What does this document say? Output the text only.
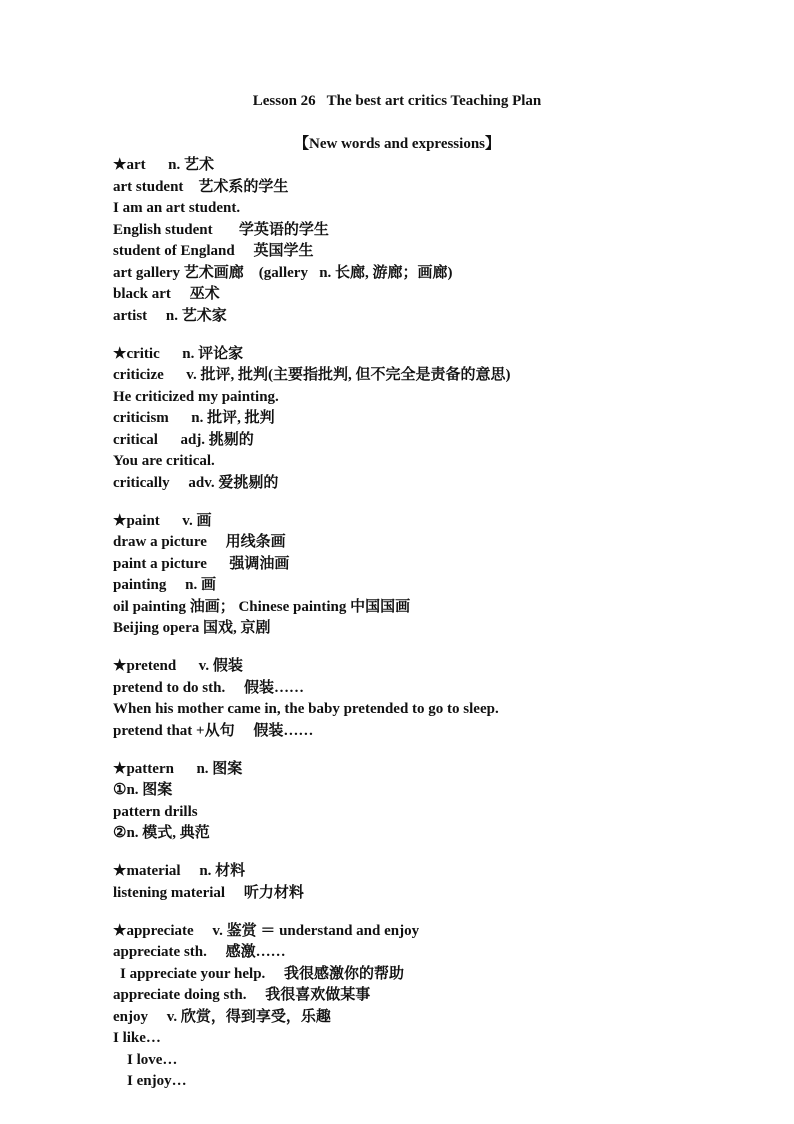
Lesson 26   The best art critics Teaching Plan
【New words and expressions】
★art      n. 艺术
art student    艺术系的学生
I am an art student.
English student       学英语的学生
student of England     英国学生
art gallery 艺术画廊    (gallery   n. 长廊, 游廊；画廊)
black art     巫术
artist     n. 艺术家
★critic      n. 评论家
criticize      v. 批评, 批判(主要指批判, 但不完全是责备的意思)
He criticized my painting.
criticism      n. 批评, 批判
critical      adj. 挑剔的
You are critical.
critically     adv. 爱挑剔的
★paint      v. 画
draw a picture     用线条画
paint a picture      强调油画
painting     n. 画
oil painting 油画； Chinese painting 中国国画
Beijing opera 国戏, 京剧
★pretend      v. 假装
pretend to do sth.     假装……
When his mother came in, the baby pretended to go to sleep.
pretend that +从句     假装……
★pattern      n. 图案
①n. 图案
pattern drills
②n. 模式, 典范
★material     n. 材料
listening material     听力材料
★appreciate     v. 鉴赏 ＝ understand and enjoy
appreciate sth.     感激……
I appreciate your help.     我很感激你的帮助
appreciate doing sth.     我很喜欢做某事
enjoy     v. 欣赏，得到享受，乐趣
I like…
I love…
I enjoy…
